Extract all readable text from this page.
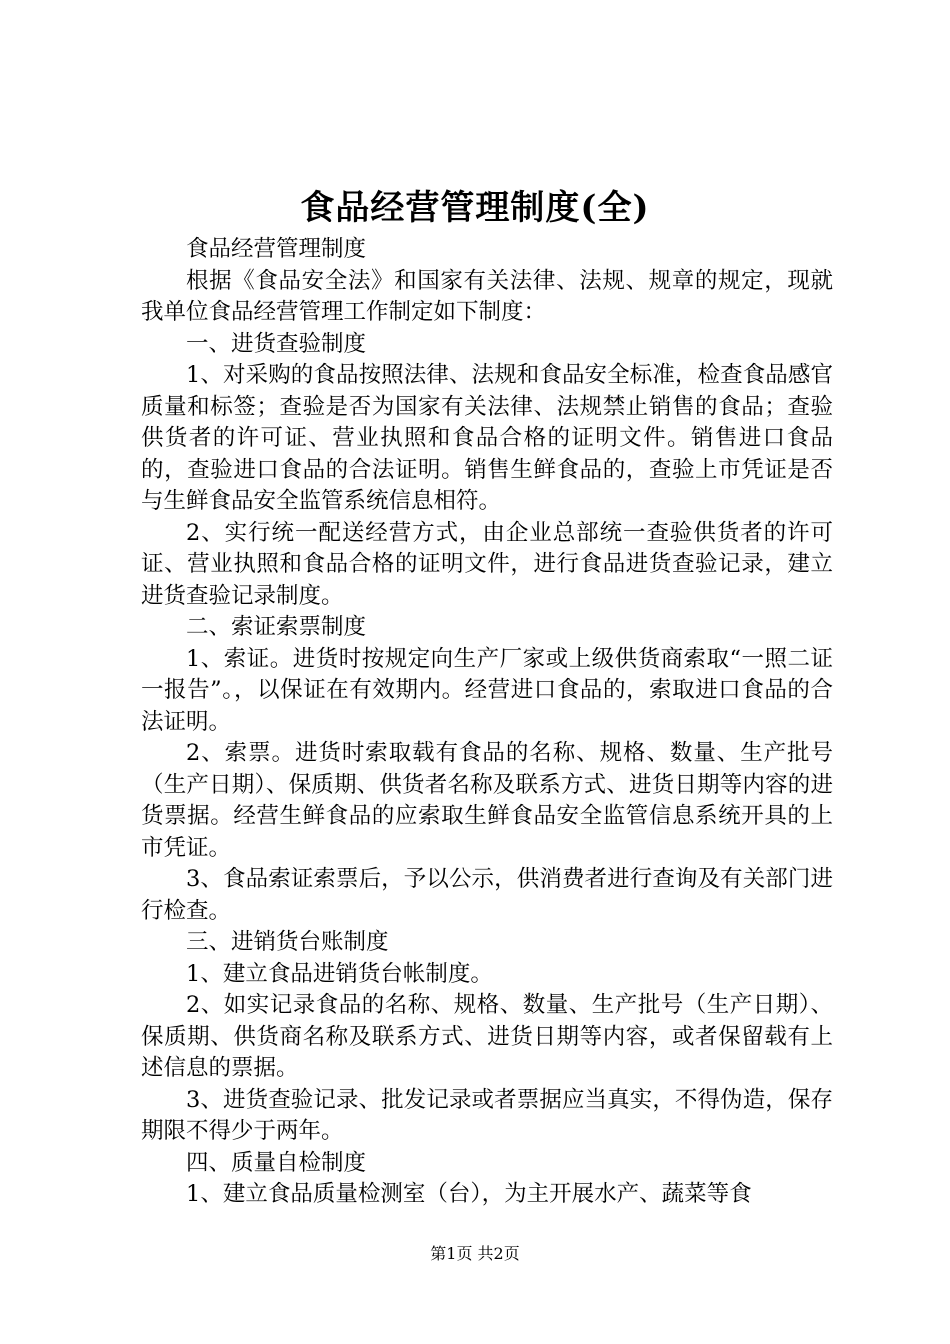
食品经营管理制度(全)

食品经营管理制度

根据《食品安全法》和国家有关法律、法规、规章的规定，现就我单位食品经营管理工作制定如下制度：

一、进货查验制度

1、对采购的食品按照法律、法规和食品安全标准，检查食品感官质量和标签；查验是否为国家有关法律、法规禁止销售的食品；查验供货者的许可证、营业执照和食品合格的证明文件。销售进口食品的，查验进口食品的合法证明。销售生鲜食品的，查验上市凭证是否与生鲜食品安全监管系统信息相符。

2、实行统一配送经营方式，由企业总部统一查验供货者的许可证、营业执照和食品合格的证明文件，进行食品进货查验记录，建立进货查验记录制度。

二、索证索票制度

1、索证。进货时按规定向生产厂家或上级供货商索取“一照二证一报告”。，以保证在有效期内。经营进口食品的，索取进口食品的合法证明。

2、索票。进货时索取载有食品的名称、规格、数量、生产批号（生产日期）、保质期、供货者名称及联系方式、进货日期等内容的进货票据。经营生鲜食品的应索取生鲜食品安全监管信息系统开具的上市凭证。

3、食品索证索票后，予以公示，供消费者进行查询及有关部门进行检查。

三、进销货台账制度

1、建立食品进销货台帐制度。

2、如实记录食品的名称、规格、数量、生产批号（生产日期）、保质期、供货商名称及联系方式、进货日期等内容，或者保留载有上述信息的票据。

3、进货查验记录、批发记录或者票据应当真实，不得伪造，保存期限不得少于两年。

四、质量自检制度

1、建立食品质量检测室（台），为主开展水产、蔬菜等食

第1页 共2页
